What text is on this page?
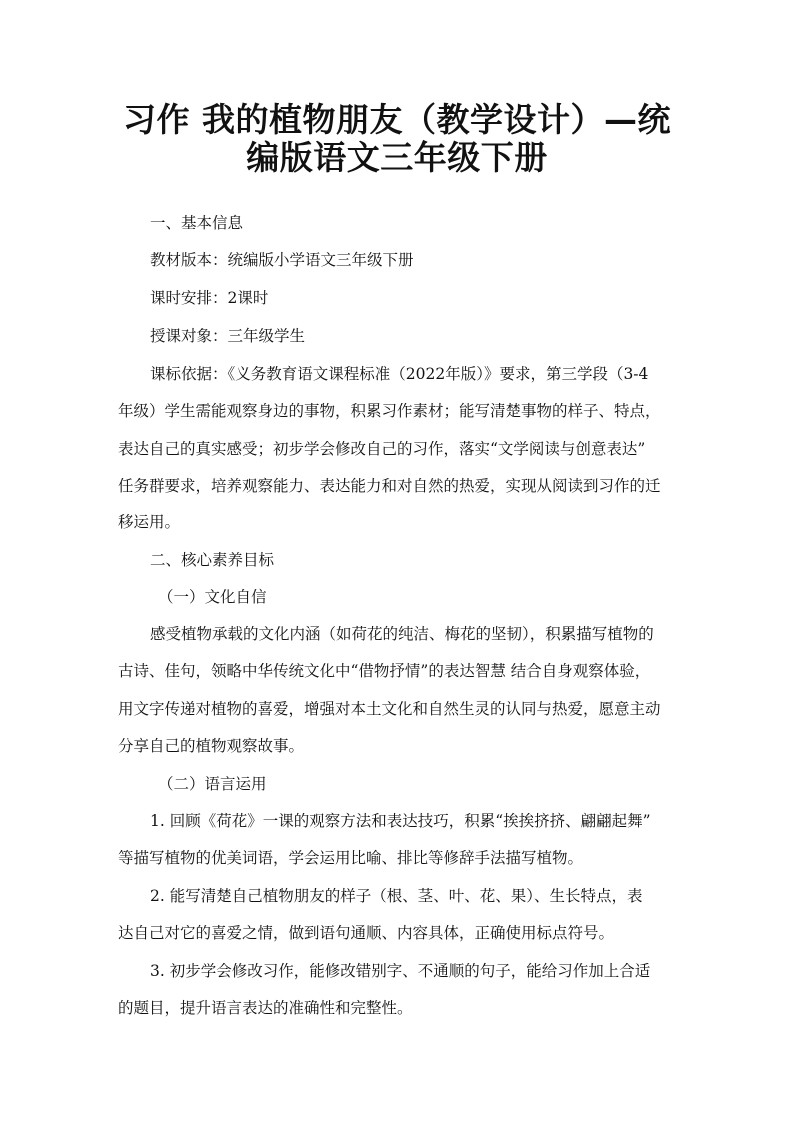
习作 我的植物朋友（教学设计）—统
编版语文三年级下册

一、基本信息

教材版本：统编版小学语文三年级下册

课时安排：2课时

授课对象：三年级学生

课标依据：《义务教育语文课程标准（2022年版）》要求，第三学段（3-4

年级）学生需能观察身边的事物，积累习作素材；能写清楚事物的样子、特点，

表达自己的真实感受；初步学会修改自己的习作，落实“文学阅读与创意表达”

任务群要求，培养观察能力、表达能力和对自然的热爱，实现从阅读到习作的迁

移运用。

二、核心素养目标

（一）文化自信

感受植物承载的文化内涵（如荷花的纯洁、梅花的坚韧），积累描写植物的

古诗、佳句，领略中华传统文化中“借物抒情”的表达智慧 结合自身观察体验，

用文字传递对植物的喜爱，增强对本土文化和自然生灵的认同与热爱，愿意主动

分享自己的植物观察故事。

（二）语言运用

1. 回顾《荷花》一课的观察方法和表达技巧，积累“挨挨挤挤、翩翩起舞”

等描写植物的优美词语，学会运用比喻、排比等修辞手法描写植物。

2. 能写清楚自己植物朋友的样子（根、茎、叶、花、果）、生长特点，表

达自己对它的喜爱之情，做到语句通顺、内容具体，正确使用标点符号。

3. 初步学会修改习作，能修改错别字、不通顺的句子，能给习作加上合适

的题目，提升语言表达的准确性和完整性。
